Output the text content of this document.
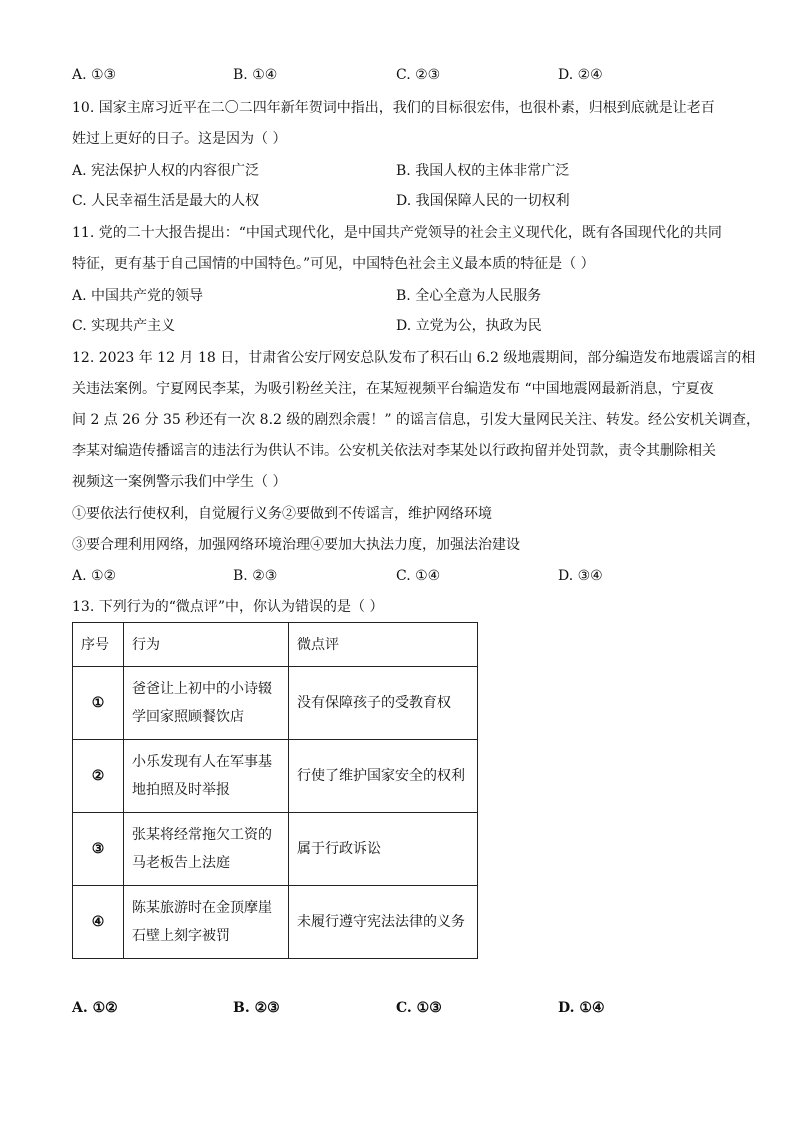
A. ①③	B. ①④	C. ②③	D. ②④
10. 国家主席习近平在二〇二四年新年贺词中指出，我们的目标很宏伟，也很朴素，归根到底就是让老百
姓过上更好的日子。这是因为（ ）
A. 宪法保护人权的内容很广泛	B. 我国人权的主体非常广泛
C. 人民幸福生活是最大的人权	D. 我国保障人民的一切权利
11. 党的二十大报告提出：“中国式现代化，是中国共产党领导的社会主义现代化，既有各国现代化的共同
特征，更有基于自己国情的中国特色。”可见，中国特色社会主义最本质的特征是（ ）
A. 中国共产党的领导	B. 全心全意为人民服务
C. 实现共产主义	D. 立党为公，执政为民
12. 2023 年 12 月 18 日，甘肃省公安厅网安总队发布了积石山 6.2 级地震期间，部分编造发布地震谣言的相
关违法案例。宁夏网民李某，为吸引粉丝关注，在某短视频平台编造发布 “中国地震网最新消息，宁夏夜
间 2 点 26 分 35 秒还有一次 8.2 级的剧烈余震！” 的谣言信息，引发大量网民关注、转发。经公安机关调查，
李某对编造传播谣言的违法行为供认不讳。公安机关依法对李某处以行政拘留并处罚款，责令其删除相关
视频这一案例警示我们中学生（ ）
①要依法行使权利，自觉履行义务②要做到不传谣言，维护网络环境
③要合理利用网络，加强网络环境治理④要加大执法力度，加强法治建设
A. ①②	B. ②③	C. ①④	D. ③④
13. 下列行为的“微点评”中，你认为错误的是（ ）
序号	行为	微点评
①	爸爸让上初中的小诗辍
学回家照顾餐饮店	没有保障孩子的受教育权
②	小乐发现有人在军事基
地拍照及时举报	行使了维护国家安全的权利
③	张某将经常拖欠工资的
马老板告上法庭	属于行政诉讼
④	陈某旅游时在金顶摩崖
石壁上刻字被罚	未履行遵守宪法法律的义务
A. ①②	B. ②③	C. ①③	D. ①④
